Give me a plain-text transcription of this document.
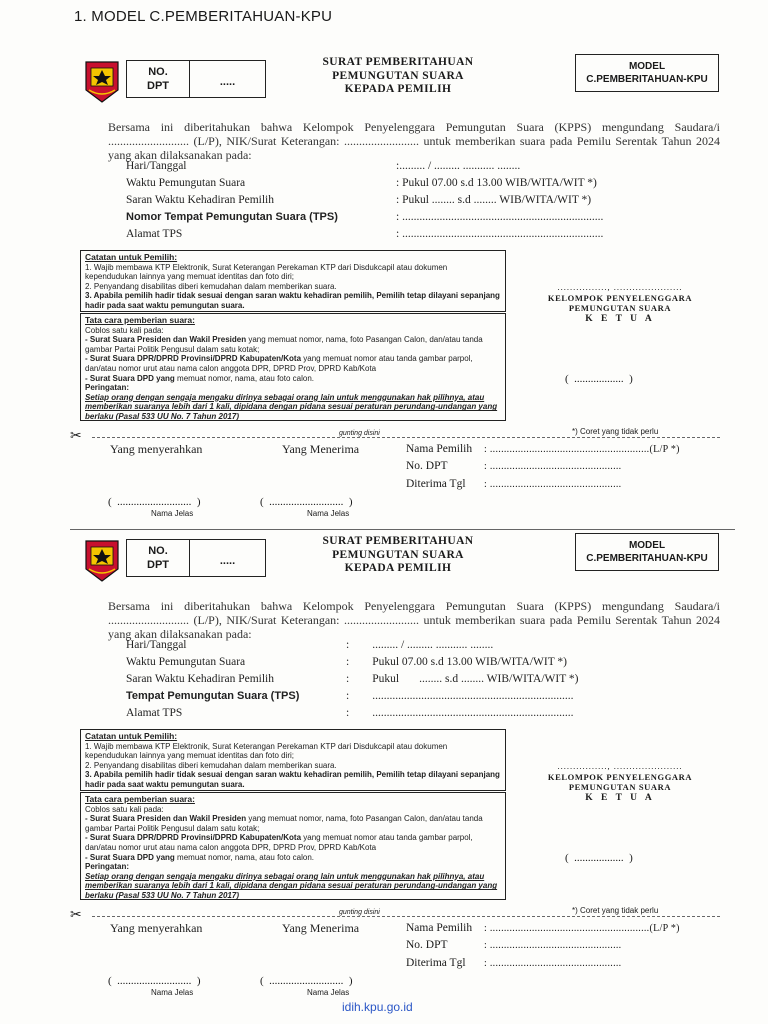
1. MODEL C.PEMBERITAHUAN-KPU
NO.
DPT	.....
SURAT PEMBERITAHUAN
PEMUNGUTAN SUARA
KEPADA PEMILIH
MODEL
C.PEMBERITAHUAN-KPU
Bersama ini diberitahukan bahwa Kelompok Penyelenggara Pemungutan Suara (KPPS) mengundang Saudara/i ........................... (L/P), NIK/Surat Keterangan: ......................... untuk memberikan suara pada Pemilu Serentak Tahun 2024 yang akan dilaksanakan pada:
Hari/Tanggal	:......... / ......... ........... ........
Waktu Pemungutan Suara	: Pukul 07.00 s.d 13.00 WIB/WITA/WIT *)
Saran Waktu Kehadiran Pemilih	: Pukul ........ s.d ........ WIB/WITA/WIT *)
Nomor Tempat Pemungutan Suara (TPS)	: ......................................................................
Alamat TPS	: ......................................................................
Catatan untuk Pemilih:
1. Wajib membawa KTP Elektronik, Surat Keterangan Perekaman KTP dari Disdukcapil atau dokumen kependudukan lainnya yang memuat identitas dan foto diri;
2. Penyandang disabilitas diberi kemudahan dalam memberikan suara.
3. Apabila pemilih hadir tidak sesuai dengan saran waktu kehadiran pemilih, Pemilih tetap dilayani sepanjang hadir pada saat waktu pemungutan suara.
Tata cara pemberian suara:
Coblos satu kali pada:
- Surat Suara Presiden dan Wakil Presiden yang memuat nomor, nama, foto Pasangan Calon, dan/atau tanda gambar Partai Politik Pengusul dalam satu kotak;
- Surat Suara DPR/DPRD Provinsi/DPRD Kabupaten/Kota yang memuat nomor atau tanda gambar parpol, dan/atau nomor urut atau nama calon anggota DPR, DPRD Prov, DPRD Kab/Kota
- Surat Suara DPD yang memuat nomor, nama, atau foto calon.
Peringatan:
Setiap orang dengan sengaja mengaku dirinya sebagai orang lain untuk menggunakan hak pilihnya, atau memberikan suaranya lebih dari 1 kali, dipidana dengan pidana sesuai peraturan perundang-undangan yang berlaku (Pasal 533 UU No. 7 Tahun 2017)
................, ......................
KELOMPOK PENYELENGGARA
PEMUNGUTAN SUARA
K E T U A
(  ..................  )
✂	gunting disini	*) Coret yang tidak perlu
Yang menyerahkan	Yang Menerima	Nama Pemilih : .........................................................(L/P *)
No. DPT	: ...............................................
Diterima Tgl : ...............................................
(  ...........................  )	(  ...........................  )
Nama Jelas	Nama Jelas
NO.
DPT	.....
SURAT PEMBERITAHUAN
PEMUNGUTAN SUARA
KEPADA PEMILIH
MODEL
C.PEMBERITAHUAN-KPU
Bersama ini diberitahukan bahwa Kelompok Penyelenggara Pemungutan Suara (KPPS) mengundang Saudara/i ........................... (L/P), NIK/Surat Keterangan: ......................... untuk memberikan suara pada Pemilu Serentak Tahun 2024 yang akan dilaksanakan pada:
Hari/Tanggal	:        ......... / ......... ........... ........
Waktu Pemungutan Suara	:        Pukul 07.00 s.d 13.00 WIB/WITA/WIT *)
Saran Waktu Kehadiran Pemilih	:        Pukul       ........ s.d ........ WIB/WITA/WIT *)
Tempat Pemungutan Suara (TPS)	:        ......................................................................
Alamat TPS	:        ......................................................................
Catatan untuk Pemilih:
1. Wajib membawa KTP Elektronik, Surat Keterangan Perekaman KTP dari Disdukcapil atau dokumen kependudukan lainnya yang memuat identitas dan foto diri;
2. Penyandang disabilitas diberi kemudahan dalam memberikan suara.
3. Apabila pemilih hadir tidak sesuai dengan saran waktu kehadiran pemilih, Pemilih tetap dilayani sepanjang hadir pada saat waktu pemungutan suara.
Tata cara pemberian suara:
Coblos satu kali pada:
- Surat Suara Presiden dan Wakil Presiden yang memuat nomor, nama, foto Pasangan Calon, dan/atau tanda gambar Partai Politik Pengusul dalam satu kotak;
- Surat Suara DPR/DPRD Provinsi/DPRD Kabupaten/Kota yang memuat nomor atau tanda gambar parpol, dan/atau nomor urut atau nama calon anggota DPR, DPRD Prov, DPRD Kab/Kota
- Surat Suara DPD yang memuat nomor, nama, atau foto calon.
Peringatan:
Setiap orang dengan sengaja mengaku dirinya sebagai orang lain untuk menggunakan hak pilihnya, atau memberikan suaranya lebih dari 1 kali, dipidana dengan pidana sesuai peraturan perundang-undangan yang berlaku (Pasal 533 UU No. 7 Tahun 2017)
................, ......................
KELOMPOK PENYELENGGARA
PEMUNGUTAN SUARA
K E T U A
(  ..................  )
✂	gunting disini	*) Coret yang tidak perlu
Yang menyerahkan	Yang Menerima	Nama Pemilih : .........................................................(L/P *)
No. DPT	: ...............................................
Diterima Tgl : ...............................................
(  ...........................  )	(  ...........................  )
Nama Jelas	Nama Jelas
idih.kpu.go.id
